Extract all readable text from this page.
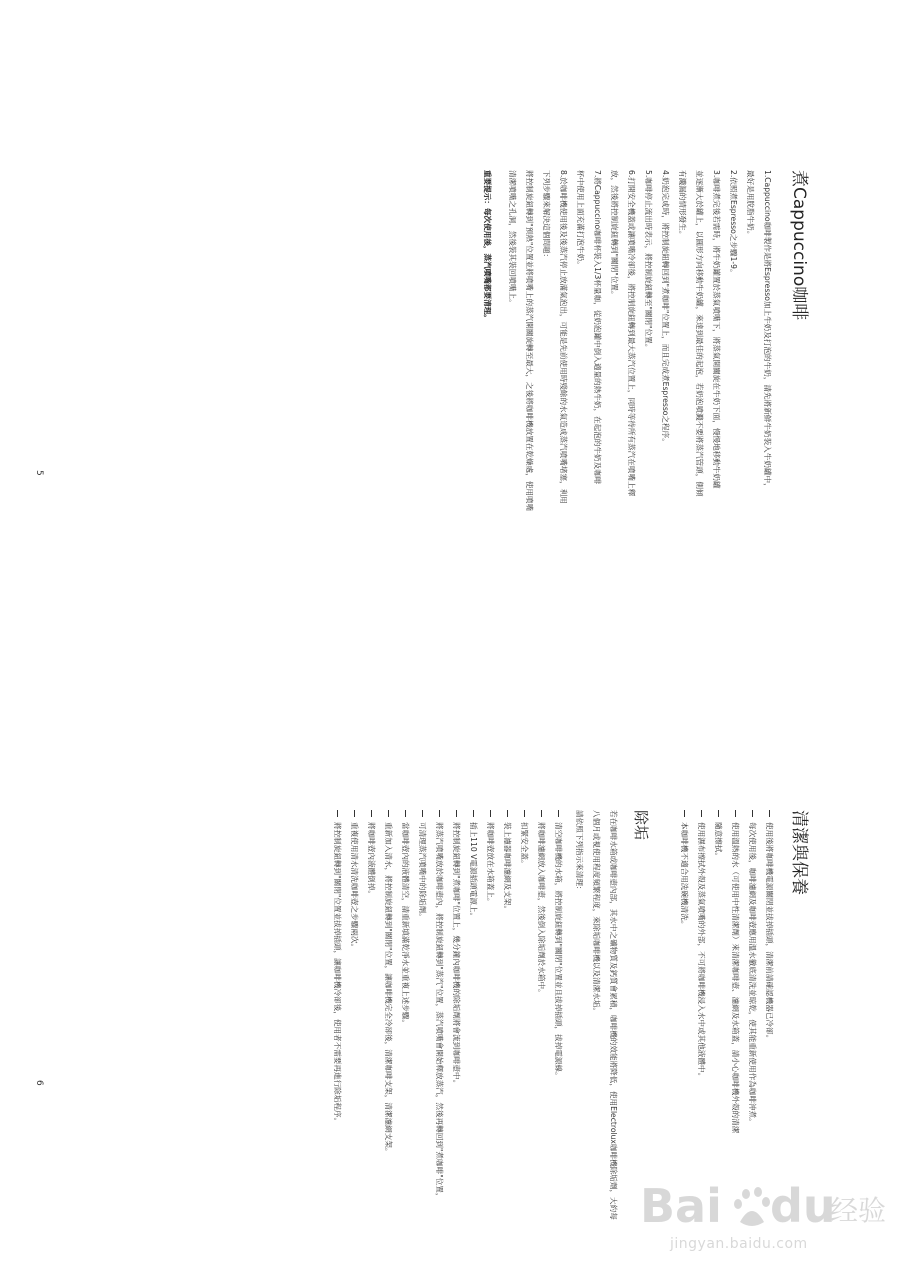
煮Cappuccino咖啡
1.Cappuccino咖啡製作是將Espresso加上牛奶及打泡的牛奶，請先將新鮮牛奶裝入牛奶罐中，
最好是用脫脂牛奶。
2.依照煮Espresso之步驟1-9。
3.咖啡煮完後若需時，將牛奶罐置於蒸氣噴嘴下，將蒸氣開關旋在牛奶下面，慢慢地移動牛奶罐
並逐漸大於罐上，以圓形方向移動牛奶罐，來達到最佳的起泡，若奶泡噴濺不要將蒸汽管頭，側傾
有濺漏的情形發生。
4.奶泡完成時，將控制旋鈕轉回到"煮咖啡"位置上，而且完成煮Espresso之程序。
5.咖啡停止流出時表示，將控制旋鈕轉至"關閉"位置。
6.打開安全機蓋或讓噴嘴冷卻後，將控制旋鈕轉到最大蒸汽位置上，同時等待所有蒸汽在噴嘴上釋
放，然後將控制旋鈕轉到"關閉"位置。
7.將Cappuccino咖啡杯裝入1/3杯量咖，從奶泡罐中倒入適量的熱牛奶，在起泡的牛奶及咖啡
杯中使用上面充滿打泡牛奶。
8.於咖啡機使用後及後蒸汽停止放滿氣泡出，可能是先前使用時殘餘的水氣造成蒸汽噴嘴堵塞，利用
下列步驟來解決這個問題：
將控制旋鈕轉到"預熱"位置並將噴嘴上的蒸汽開關旋轉至最大，之後將咖啡機放置在乾燥處，使用噴嘴
清潔噴嘴之孔洞，然後裝其裝回噴嘴上。

重要提示：每次使用後，蒸汽噴嘴都要清理。

5
清潔與保養
使用後將咖啡機電源關閉並拔掉插頭，清潔前請確認機器已冷卻。
每次使用後，咖啡濾網及咖啡壺應用溫水徹底清洗並晾乾，使其能重新使用作為咖啡沖煮。
使用溫熱的水（可使用中性清潔劑）來清潔咖啡壺、濾網及水箱蓋，請小心咖啡機外殼的清潔
隨意擦拭。
使用濕布擦拭外殼及蒸氣噴嘴的外部，不可將咖啡機浸入水中或其他液體中。
本咖啡機不適合用洗碗機清洗。
除垢
若在咖啡水箱或咖啡壺內部，其水中之礦物質及鈣質會累積，咖啡機的效能將降低，使用Electrolux咖啡機除垢劑，大約每
八個月或視使用程度頻繁程度，來除垢咖啡機以及清潔水垢。
請依照下列指示來清理：
清空咖啡機的水箱，將控制旋鈕轉到"關閉"位置並且拔掉插頭，拔掉電源線。
將咖啡濾網放入咖啡壺，然後倒入除垢劑於水箱中。
扣緊安全蓋。
裝上濾器咖啡濾網及支架。
將咖啡壺放在水箱蓋上。
插上110 V電源插頭電源上。
將控制旋鈕轉到"煮咖啡"位置上，幾分鐘內咖啡機的除垢劑將會流到咖啡壺中。
將蒸汽噴嘴放於咖啡壺內，將控制旋鈕轉到"蒸汽"位置，蒸汽噴嘴會開始釋放蒸汽，然後再轉回到"煮咖啡"位置，
可清理蒸汽噴嘴中的除垢劑。
當咖啡壺內的液體清空，請重新填滿乾淨水並重複上述步驟。
重新加入清水，將控制旋鈕轉到"關閉"位置，讓咖啡機完全冷卻後，清潔咖啡支架，清潔濾網支架。
將咖啡壺內液體倒掉。
重複使用清水清洗咖啡壺之步驟兩次。
將控制旋鈕轉到"關閉"位置並拔掉插頭，讓咖啡機冷卻後，使用者不需要再進行除垢程序。
6
Bai du
经验
jingyan.baidu.com
